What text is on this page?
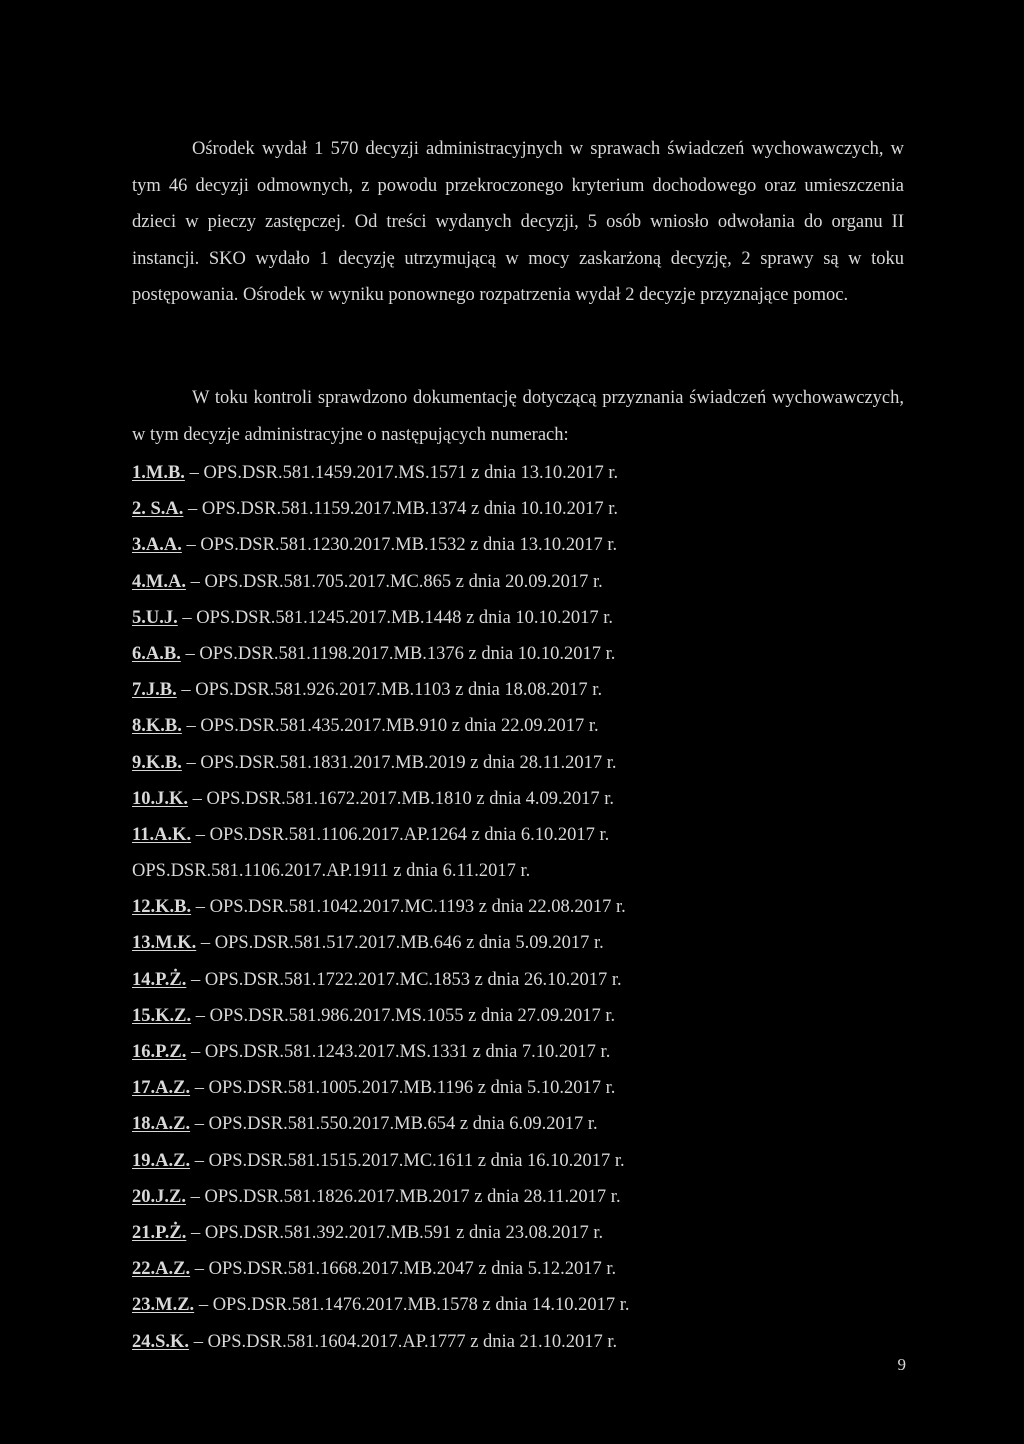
Ośrodek wydał 1 570 decyzji administracyjnych w sprawach świadczeń wychowawczych, w tym 46 decyzji odmownych, z powodu przekroczonego kryterium dochodowego oraz umieszczenia dzieci w pieczy zastępczej. Od treści wydanych decyzji, 5 osób wniosło odwołania do organu II instancji. SKO wydało 1 decyzję utrzymującą w mocy zaskarżoną decyzję, 2 sprawy są w toku postępowania. Ośrodek w wyniku ponownego rozpatrzenia wydał 2 decyzje przyznające pomoc.

W toku kontroli sprawdzono dokumentację dotyczącą przyznania świadczeń wychowawczych, w tym decyzje administracyjne o następujących numerach:

1.M.B. – OPS.DSR.581.1459.2017.MS.1571 z dnia 13.10.2017 r.
2. S.A. – OPS.DSR.581.1159.2017.MB.1374 z dnia 10.10.2017 r.
3.A.A. – OPS.DSR.581.1230.2017.MB.1532 z dnia 13.10.2017 r.
4.M.A. – OPS.DSR.581.705.2017.MC.865 z dnia 20.09.2017 r.
5.U.J. – OPS.DSR.581.1245.2017.MB.1448 z dnia 10.10.2017 r.
6.A.B. – OPS.DSR.581.1198.2017.MB.1376 z dnia 10.10.2017 r.
7.J.B. – OPS.DSR.581.926.2017.MB.1103 z dnia 18.08.2017 r.
8.K.B. – OPS.DSR.581.435.2017.MB.910 z dnia 22.09.2017 r.
9.K.B. – OPS.DSR.581.1831.2017.MB.2019 z dnia 28.11.2017 r.
10.J.K. – OPS.DSR.581.1672.2017.MB.1810 z dnia 4.09.2017 r.
11.A.K. – OPS.DSR.581.1106.2017.AP.1264 z dnia 6.10.2017 r.
OPS.DSR.581.1106.2017.AP.1911 z dnia 6.11.2017 r.
12.K.B. – OPS.DSR.581.1042.2017.MC.1193 z dnia 22.08.2017 r.
13.M.K. – OPS.DSR.581.517.2017.MB.646 z dnia 5.09.2017 r.
14.P.Ż. – OPS.DSR.581.1722.2017.MC.1853 z dnia 26.10.2017 r.
15.K.Z. – OPS.DSR.581.986.2017.MS.1055 z dnia 27.09.2017 r.
16.P.Z. – OPS.DSR.581.1243.2017.MS.1331 z dnia 7.10.2017 r.
17.A.Z. – OPS.DSR.581.1005.2017.MB.1196 z dnia 5.10.2017 r.
18.A.Z. – OPS.DSR.581.550.2017.MB.654 z dnia 6.09.2017 r.
19.A.Z. – OPS.DSR.581.1515.2017.MC.1611 z dnia 16.10.2017 r.
20.J.Z. – OPS.DSR.581.1826.2017.MB.2017 z dnia 28.11.2017 r.
21.P.Ż. – OPS.DSR.581.392.2017.MB.591 z dnia 23.08.2017 r.
22.A.Z. – OPS.DSR.581.1668.2017.MB.2047 z dnia 5.12.2017 r.
23.M.Z. – OPS.DSR.581.1476.2017.MB.1578 z dnia 14.10.2017 r.
24.S.K. – OPS.DSR.581.1604.2017.AP.1777 z dnia 21.10.2017 r.
9
